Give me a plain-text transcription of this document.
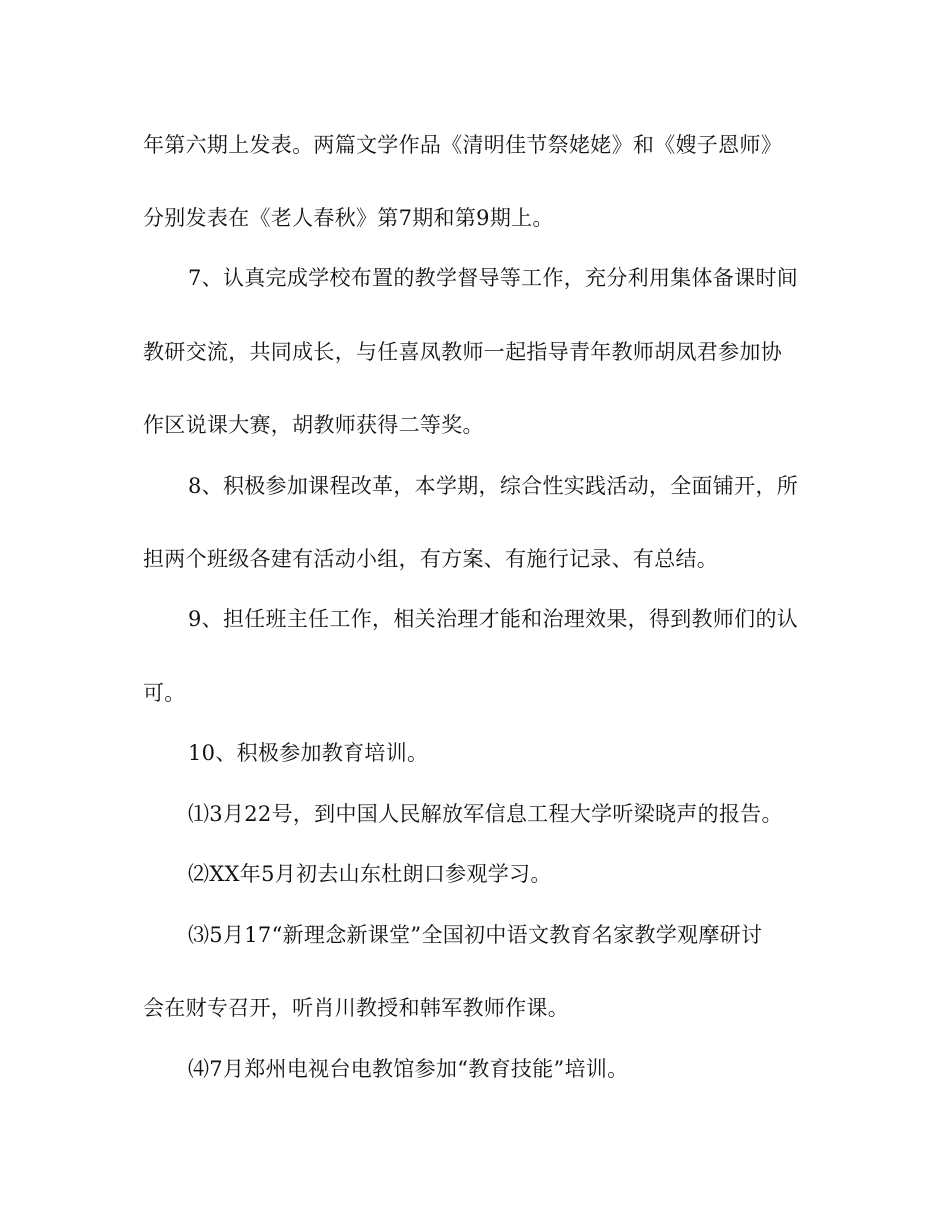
年第六期上发表。两篇文学作品《清明佳节祭姥姥》和《嫂子恩师》
分别发表在《老人春秋》第7期和第9期上。
7、认真完成学校布置的教学督导等工作，充分利用集体备课时间
教研交流，共同成长，与任喜凤教师一起指导青年教师胡凤君参加协
作区说课大赛，胡教师获得二等奖。
8、积极参加课程改革，本学期，综合性实践活动，全面铺开，所
担两个班级各建有活动小组，有方案、有施行记录、有总结。
9、担任班主任工作，相关治理才能和治理效果，得到教师们的认
可。
10、积极参加教育培训。
⑴3月22号，到中国人民解放军信息工程大学听梁晓声的报告。
⑵XX年5月初去山东杜朗口参观学习。
⑶5月17“新理念新课堂”全国初中语文教育名家教学观摩研讨
会在财专召开，听肖川教授和韩军教师作课。
⑷7月郑州电视台电教馆参加“教育技能”培训。
